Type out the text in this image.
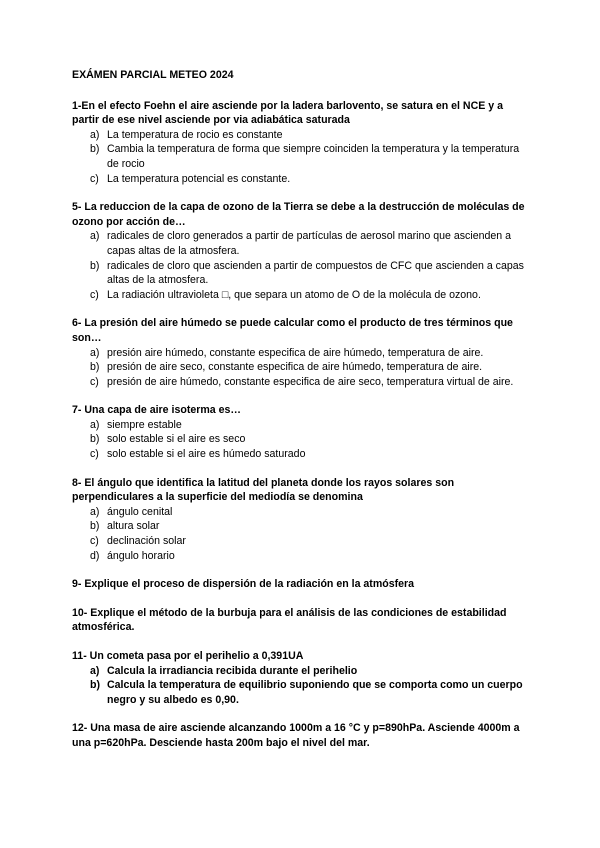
EXÁMEN PARCIAL METEO 2024

1-En el efecto Foehn el aire asciende por la ladera barlovento, se satura en el NCE y a partir de ese nivel asciende por via adiabática saturada

a) La temperatura de rocio es constante
b) Cambia la temperatura de forma que siempre coinciden la temperatura y la temperatura de rocio
c) La temperatura potencial es constante.

5- La reduccion de la capa de ozono de la Tierra se debe a la destrucción de moléculas de ozono por acción de…

a) radicales de cloro generados a partir de partículas de aerosol marino que ascienden a capas altas de la atmosfera.
b) radicales de cloro que ascienden a partir de compuestos de CFC que ascienden a capas altas de la atmosfera.
c) La radiación ultravioleta □, que separa un atomo de O de la molécula de ozono.

6- La presión del aire húmedo se puede calcular como el producto de tres términos que son…

a) presión aire húmedo, constante especifica de aire húmedo, temperatura de aire.
b) presión de aire seco, constante especifica de aire húmedo, temperatura de aire.
c) presión de aire húmedo, constante especifica de aire seco, temperatura virtual de aire.

7- Una capa de aire isoterma es…

a) siempre estable
b) solo estable si el aire es seco
c) solo estable si el aire es húmedo saturado

8- El ángulo que identifica la latitud del planeta donde los rayos solares son perpendiculares a la superficie del mediodía se denomina

a) ángulo cenital
b) altura solar
c) declinación solar
d) ángulo horario

9- Explique el proceso de dispersión de la radiación en la atmósfera

10- Explique el método de la burbuja para el análisis de las condiciones de estabilidad atmosférica.

11- Un cometa pasa por el perihelio a 0,391UA

a) Calcula la irradiancia recibida durante el perihelio
b) Calcula la temperatura de equilibrio suponiendo que se comporta como un cuerpo negro y su albedo es 0,90.

12- Una masa de aire asciende alcanzando 1000m a 16 °C y p=890hPa. Asciende 4000m a una p=620hPa. Desciende hasta 200m bajo el nivel del mar.
